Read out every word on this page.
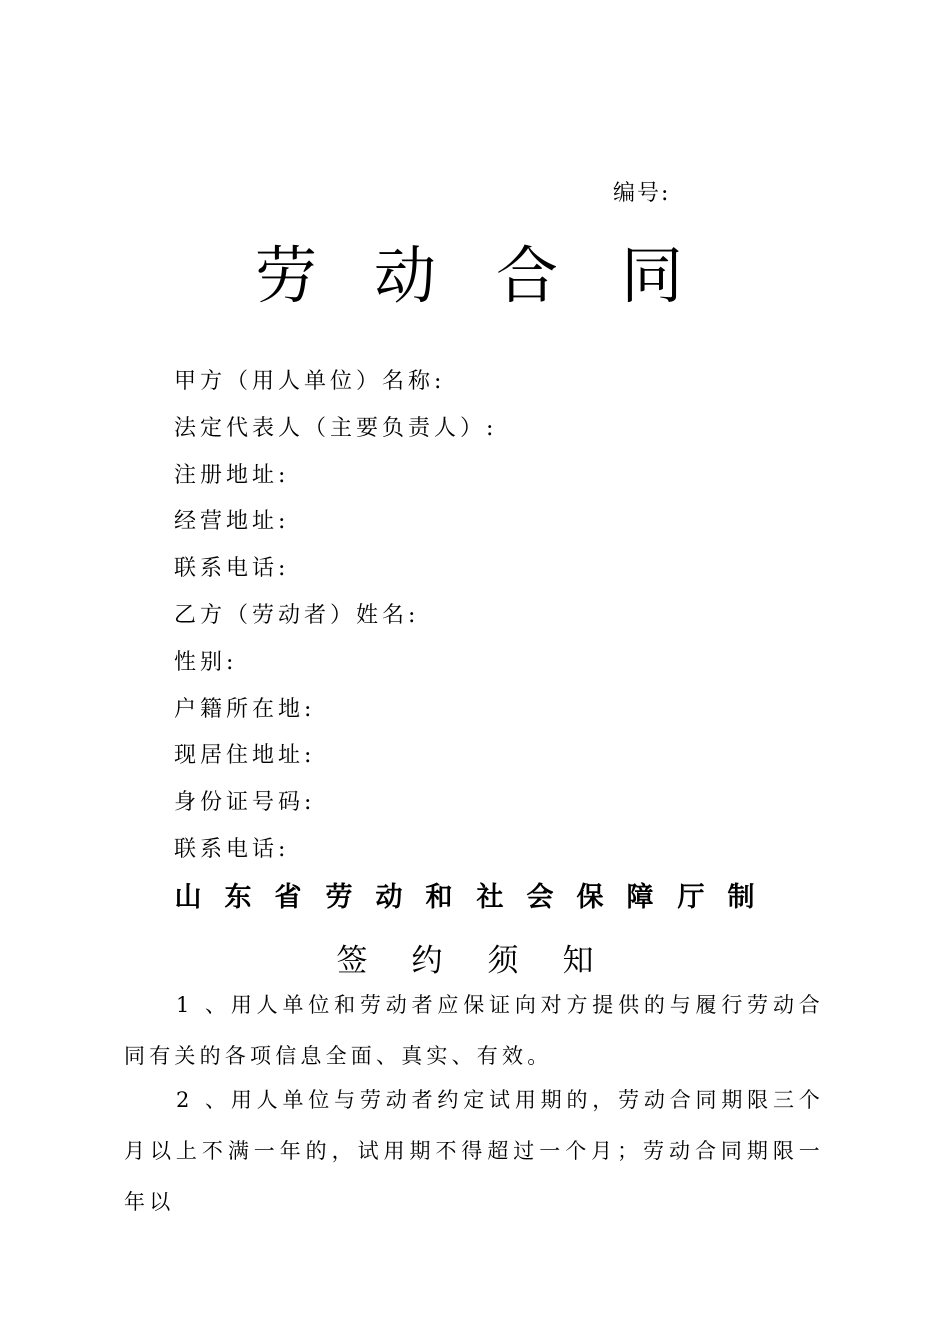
编号:
劳 动 合 同
甲方（用人单位）名称:
法定代表人（主要负责人）:
注册地址:
经营地址:
联系电话:
乙方（劳动者）姓名:
性别:
户籍所在地:
现居住地址:
身份证号码:
联系电话:
山 东 省 劳 动 和 社 会 保 障 厅 制
签 约 须 知
1 、用人单位和劳动者应保证向对方提供的与履行劳动合同有关的各项信息全面、真实、有效。
2 、用人单位与劳动者约定试用期的，劳动合同期限三个月以上不满一年的，试用期不得超过一个月；劳动合同期限一年以
